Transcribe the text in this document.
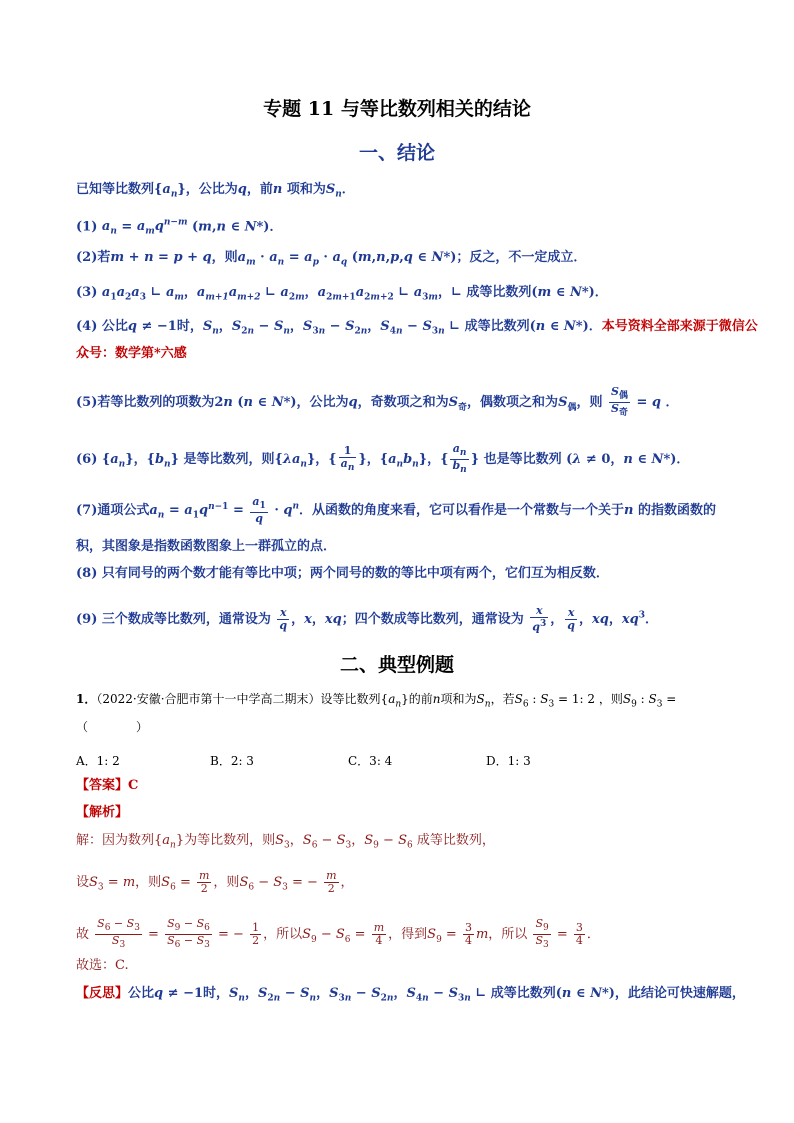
专题 11 与等比数列相关的结论
一、结论
已知等比数列$\{a_n\}$，公比为q，前n 项和为$S_n$．
(1) $a_n = a_mq^{n-m}$ (m,n ∈ N*)．
(2)若m + n = p + q，则$a_m \cdot a_n = a_p \cdot a_q$ (m,n,p,q ∈ N*)；反之，不一定成立．
(3) $a_1a_2a_3$ ∟ $a_m$，$a_{m+1}a_{m+2}$ ∟ $a_{2m}$，$a_{2m+1}a_{2m+2}$ ∟ $a_{3m}$，∟ 成等比数列(m ∈ N*)．
(4) 公比q ≠ −1时，$S_n$，$S_{2n} - S_n$，$S_{3n} - S_{2n}$，$S_{4n} - S_{3n}$ ∟ 成等比数列(n ∈ N*)．本号资料全部来源于微信公
众号：数学第*六感
(5)若等比数列的项数为2n (n ∈ N*)，公比为q，奇数项之和为$S_奇$，偶数项之和为$S_偶$，则 $\frac{S_偶}{S_奇} = q$ ．
(6) $\{a_n\}$，$\{b_n\}$ 是等比数列，则$\{\lambda a_n\}$，{ $\frac{1}{a_n}$ }，$\{a_nb_n\}$，{ $\frac{a_n}{b_n}$ } 也是等比数列 (λ ≠ 0，n ∈ N*)．
(7)通项公式$a_n = a_1q^{n-1} = \frac{a_1}{q} \cdot q^n$．从函数的角度来看，它可以看作是一个常数与一个关于n 的指数函数的
积，其图象是指数函数图象上一群孤立的点．
(8) 只有同号的两个数才能有等比中项；两个同号的数的等比中项有两个，它们互为相反数．
(9) 三个数成等比数列，通常设为 $\frac{x}{q}$ ，x，xq；四个数成等比数列，通常设为 $\frac{x}{q^3}$ ， $\frac{x}{q}$ ，xq，$xq^3$．
二、典型例题
1．（2022·安徽·合肥市第十一中学高二期末）设等比数列$\{a_n\}$的前n项和为$S_n$，若$S_6$ : $S_3 = 1$: 2 ，则$S_9$ : $S_3$ =
（　　　　）
A．1: 2	B．2: 3	C．3: 4	D．1: 3
【答案】C
【解析】
解：因为数列$\{a_n\}$为等比数列，则$S_3$，$S_6 - S_3$，$S_9 - S_6$ 成等比数列，
设$S_3 = m$，则$S_6 = \frac{m}{2}$ ，则$S_6 - S_3$ = − $\frac{m}{2}$ ，
故 $\frac{S_6 - S_3}{S_3} = \frac{S_9 - S_6}{S_6 - S_3}$ = − $\frac{1}{2}$ ，所以$S_9 - S_6 = \frac{m}{4}$ ，得到$S_9 = \frac{3}{4}$ m，所以 $\frac{S_9}{S_3} = \frac{3}{4}$ ．
故选：C.
【反思】公比q ≠ −1时，$S_n$，$S_{2n} - S_n$，$S_{3n} - S_{2n}$，$S_{4n} - S_{3n}$ ∟ 成等比数列(n ∈ N*)，此结论可快速解题，
